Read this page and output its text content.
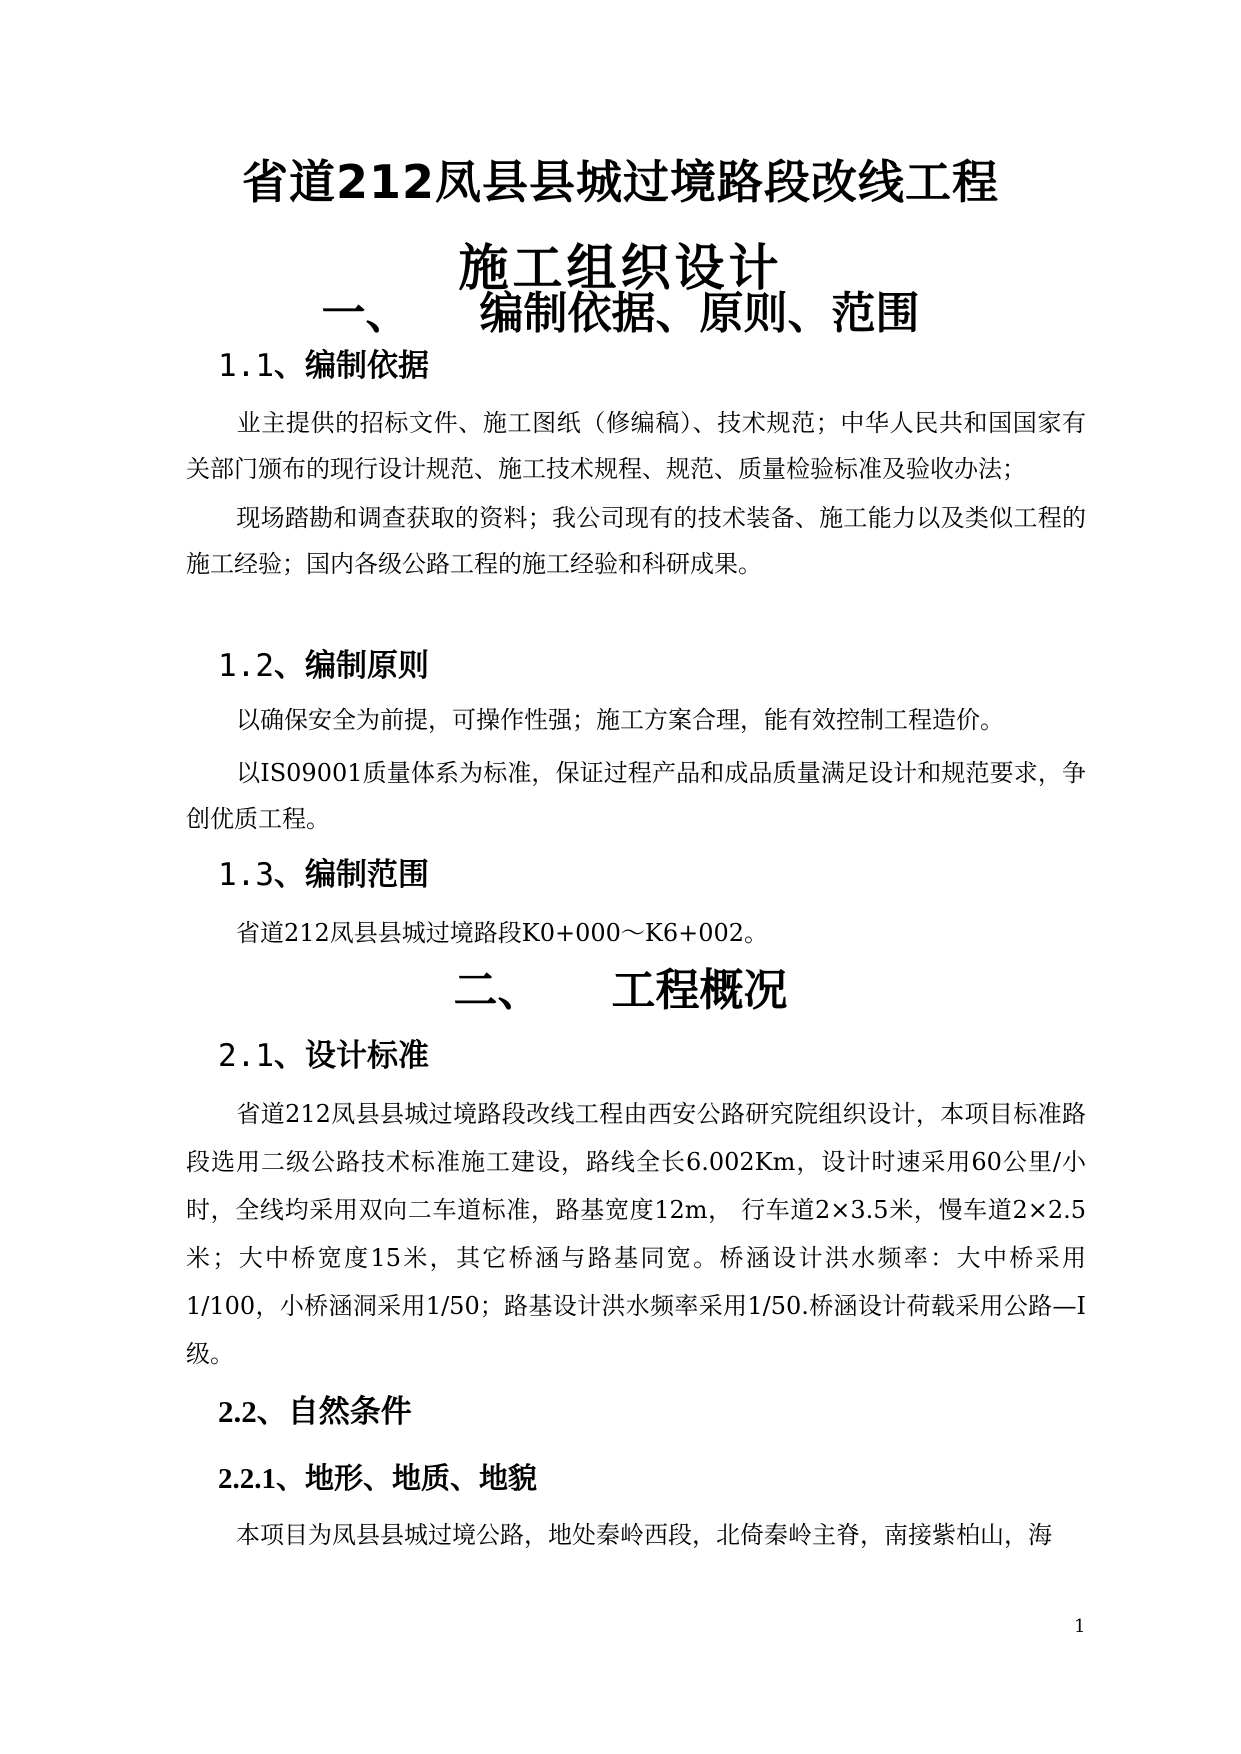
省道212凤县县城过境路段改线工程
施工组织设计
一、 编制依据、原则、范围
1.1、编制依据
业主提供的招标文件、施工图纸（修编稿）、技术规范；中华人民共和国国家有关部门颁布的现行设计规范、施工技术规程、规范、质量检验标准及验收办法；
现场踏勘和调查获取的资料；我公司现有的技术装备、施工能力以及类似工程的施工经验；国内各级公路工程的施工经验和科研成果。
1.2、编制原则
以确保安全为前提，可操作性强；施工方案合理，能有效控制工程造价。
以IS09001质量体系为标准，保证过程产品和成品质量满足设计和规范要求，争创优质工程。
1.3、编制范围
省道212凤县县城过境路段K0+000～K6+002。
二、 工程概况
2.1、设计标准
省道212凤县县城过境路段改线工程由西安公路研究院组织设计，本项目标准路段选用二级公路技术标准施工建设，路线全长6.002Km，设计时速采用60公里/小时，全线均采用双向二车道标准，路基宽度12m， 行车道2×3.5米，慢车道2×2.5米；大中桥宽度15米，其它桥涵与路基同宽。桥涵设计洪水频率：大中桥采用1/100，小桥涵洞采用1/50；路基设计洪水频率采用1/50.桥涵设计荷载采用公路—I级。
2.2、自然条件
2.2.1、地形、地质、地貌
本项目为凤县县城过境公路，地处秦岭西段，北倚秦岭主脊，南接紫柏山，海
1
